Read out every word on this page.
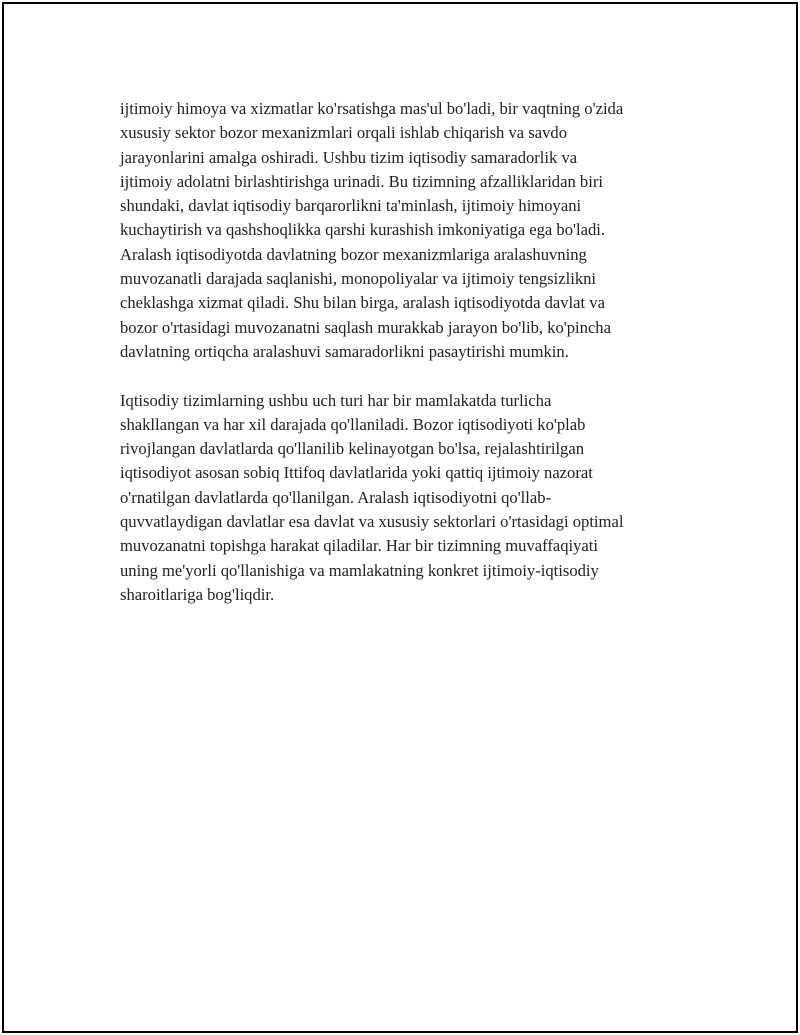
ijtimoiy himoya va xizmatlar ko'rsatishga mas'ul bo'ladi, bir vaqtning o'zida
xususiy sektor bozor mexanizmlari orqali ishlab chiqarish va savdo
jarayonlarini amalga oshiradi. Ushbu tizim iqtisodiy samaradorlik va
ijtimoiy adolatni birlashtirishga urinadi. Bu tizimning afzalliklaridan biri
shundaki, davlat iqtisodiy barqarorlikni ta'minlash, ijtimoiy himoyani
kuchaytirish va qashshoqlikka qarshi kurashish imkoniyatiga ega bo'ladi.
Aralash iqtisodiyotda davlatning bozor mexanizmlariga aralashuvning
muvozanatli darajada saqlanishi, monopoliyalar va ijtimoiy tengsizlikni
cheklashga xizmat qiladi. Shu bilan birga, aralash iqtisodiyotda davlat va
bozor o'rtasidagi muvozanatni saqlash murakkab jarayon bo'lib, ko'pincha
davlatning ortiqcha aralashuvi samaradorlikni pasaytirishi mumkin.

Iqtisodiy tizimlarning ushbu uch turi har bir mamlakatda turlicha
shakllangan va har xil darajada qo'llaniladi. Bozor iqtisodiyoti ko'plab
rivojlangan davlatlarda qo'llanilib kelinayotgan bo'lsa, rejalashtirilgan
iqtisodiyot asosan sobiq Ittifoq davlatlarida yoki qattiq ijtimoiy nazorat
o'rnatilgan davlatlarda qo'llanilgan. Aralash iqtisodiyotni qo'llab-
quvvatlaydigan davlatlar esa davlat va xususiy sektorlari o'rtasidagi optimal
muvozanatni topishga harakat qiladilar. Har bir tizimning muvaffaqiyati
uning me'yorli qo'llanishiga va mamlakatning konkret ijtimoiy-iqtisodiy
sharoitlariga bog'liqdir.
